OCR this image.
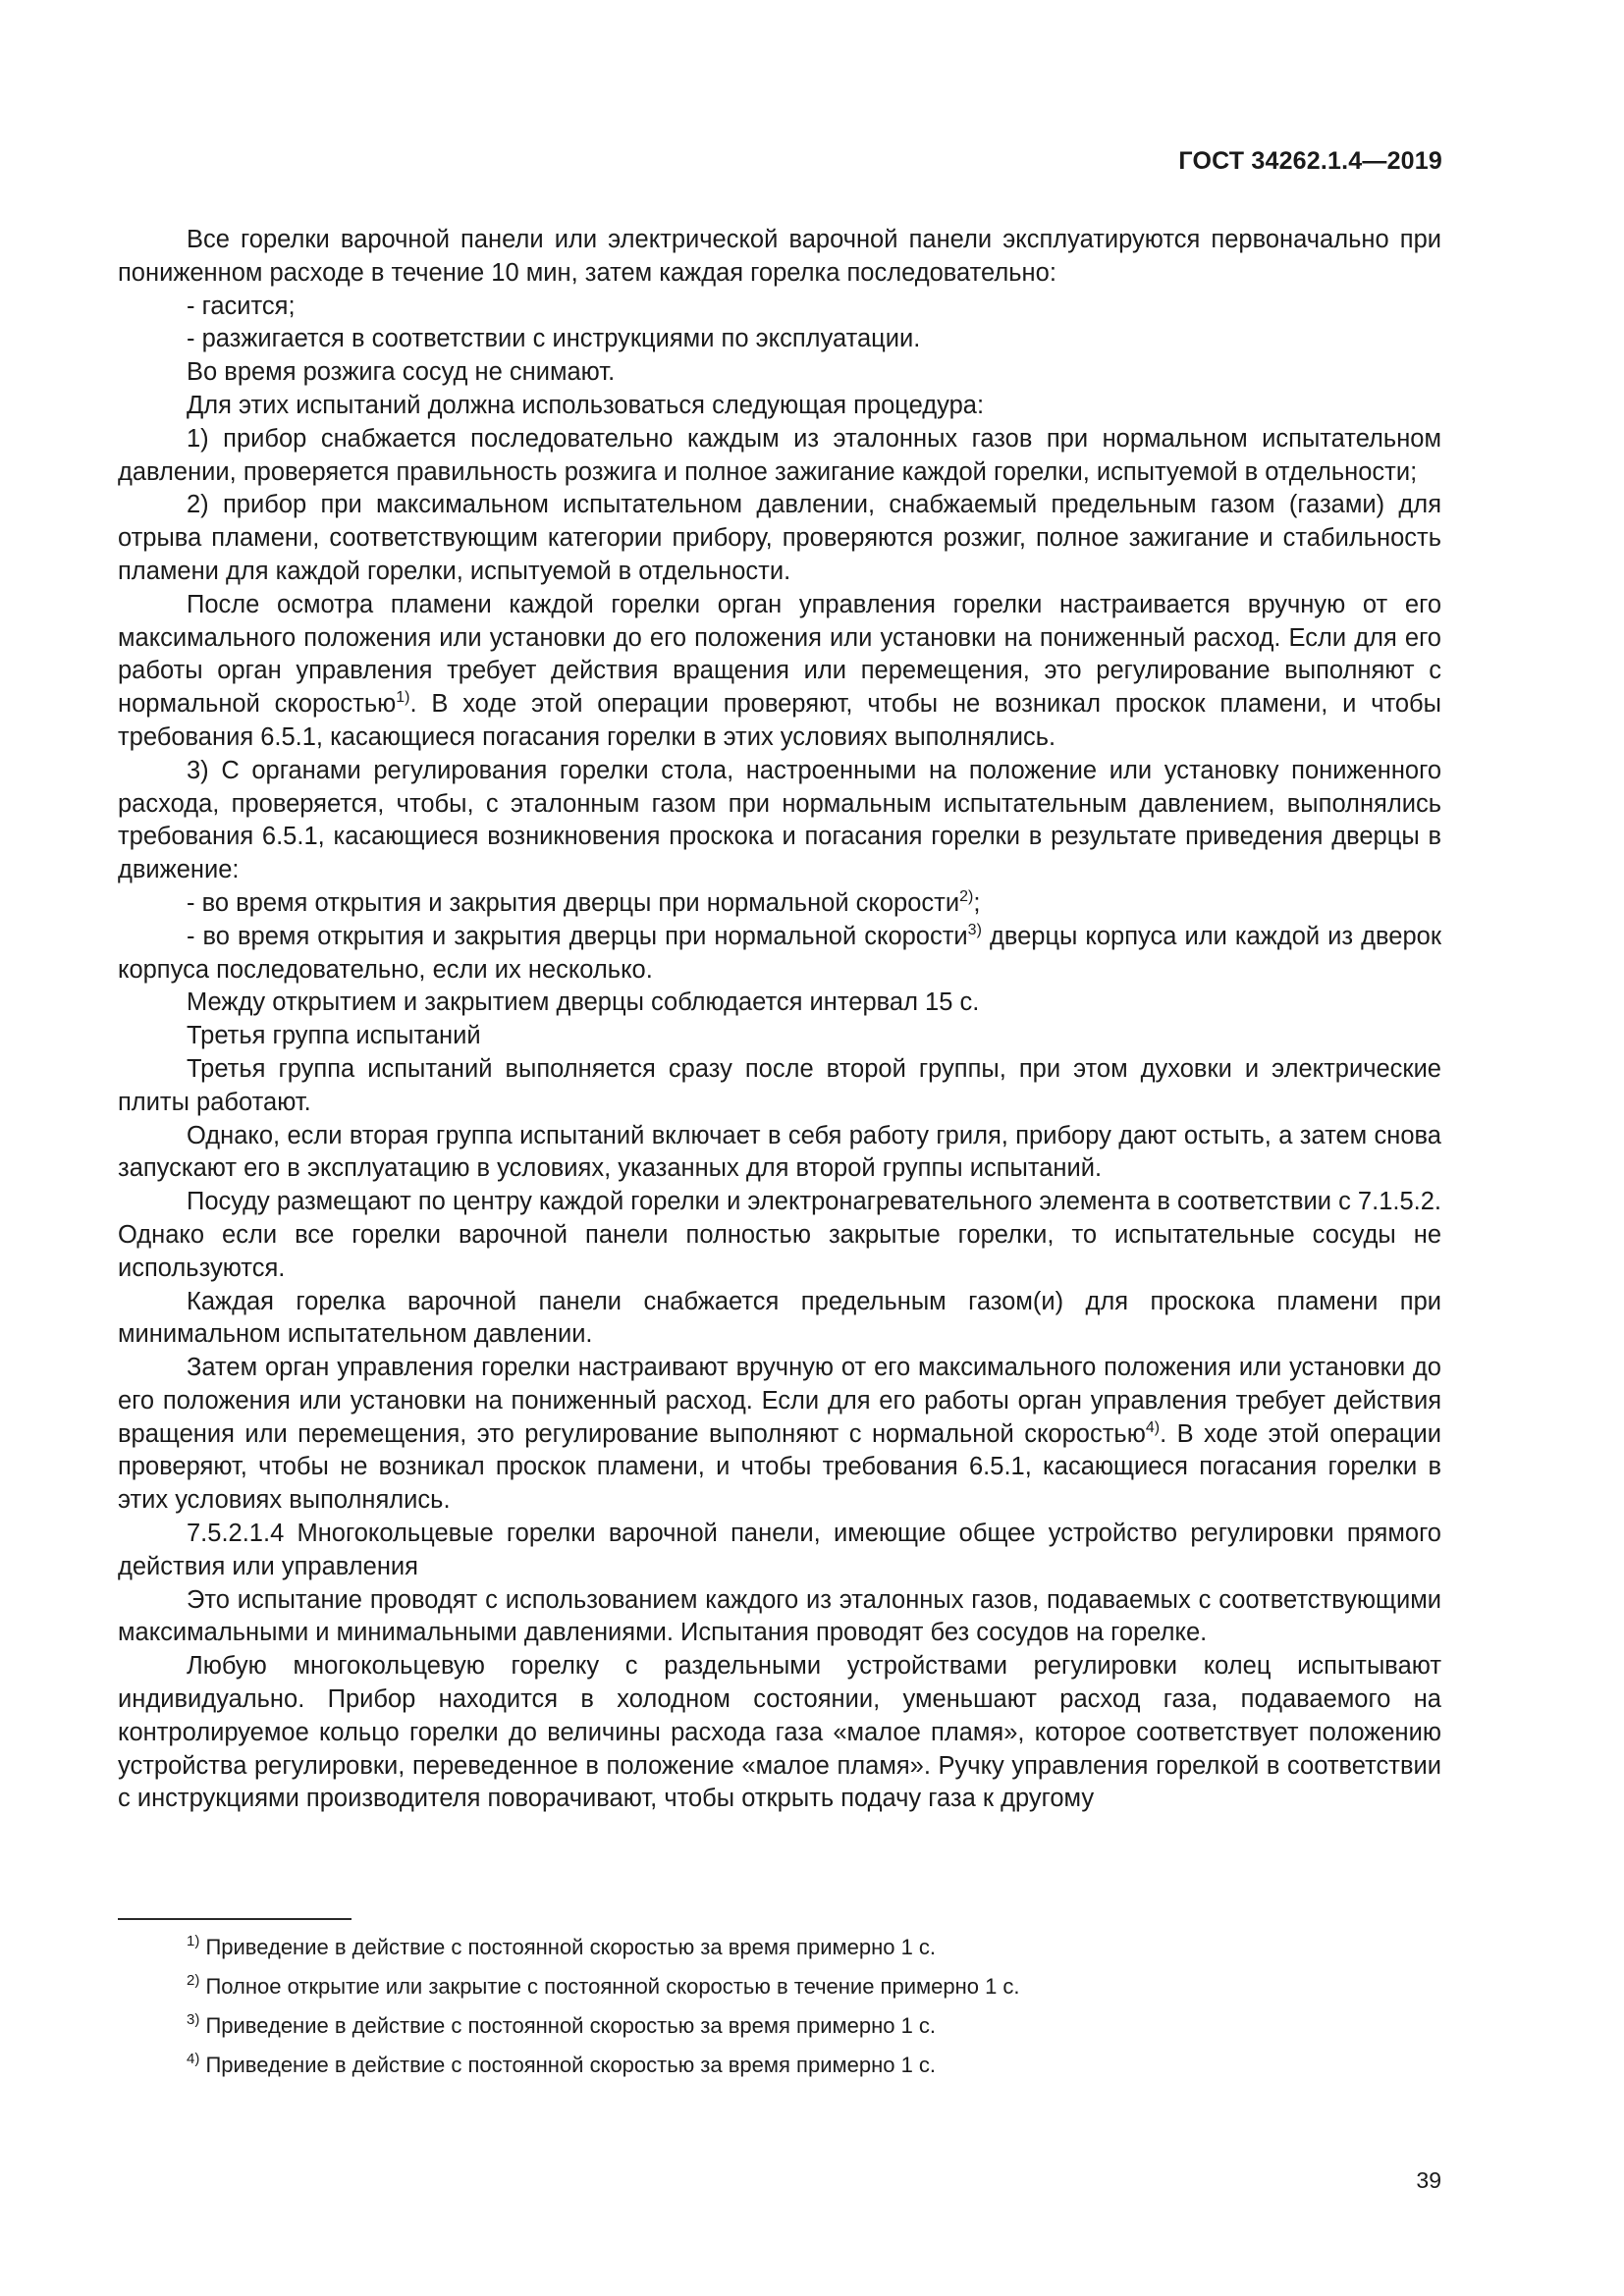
ГОСТ 34262.1.4—2019

Все горелки варочной панели или электрической варочной панели эксплуатируются первоначально при пониженном расходе в течение 10 мин, затем каждая горелка последовательно:

- гасится;

- разжигается в соответствии с инструкциями по эксплуатации.

Во время розжига сосуд не снимают.

Для этих испытаний должна использоваться следующая процедура:

1) прибор снабжается последовательно каждым из эталонных газов при нормальном испытательном давлении, проверяется правильность розжига и полное зажигание каждой горелки, испытуемой в отдельности;

2) прибор при максимальном испытательном давлении, снабжаемый предельным газом (газами) для отрыва пламени, соответствующим категории прибору, проверяются розжиг, полное зажигание и стабильность пламени для каждой горелки, испытуемой в отдельности.

После осмотра пламени каждой горелки орган управления горелки настраивается вручную от его максимального положения или установки до его положения или установки на пониженный расход. Если для его работы орган управления требует действия вращения или перемещения, это регулирование выполняют с нормальной скоростью$^{1)}$. В ходе этой операции проверяют, чтобы не возникал проскок пламени, и чтобы требования 6.5.1, касающиеся погасания горелки в этих условиях выполнялись.

3) С органами регулирования горелки стола, настроенными на положение или установку пониженного расхода, проверяется, чтобы, с эталонным газом при нормальным испытательным давлением, выполнялись требования 6.5.1, касающиеся возникновения проскока и погасания горелки в результате приведения дверцы в движение:

- во время открытия и закрытия дверцы при нормальной скорости$^{2)}$;

- во время открытия и закрытия дверцы при нормальной скорости$^{3)}$ дверцы корпуса или каждой из дверок корпуса последовательно, если их несколько.

Между открытием и закрытием дверцы соблюдается интервал 15 с.

Третья группа испытаний

Третья группа испытаний выполняется сразу после второй группы, при этом духовки и электрические плиты работают.

Однако, если вторая группа испытаний включает в себя работу гриля, прибору дают остыть, а затем снова запускают его в эксплуатацию в условиях, указанных для второй группы испытаний.

Посуду размещают по центру каждой горелки и электронагревательного элемента в соответствии с 7.1.5.2. Однако если все горелки варочной панели полностью закрытые горелки, то испытательные сосуды не используются.

Каждая горелка варочной панели снабжается предельным газом(и) для проскока пламени при минимальном испытательном давлении.

Затем орган управления горелки настраивают вручную от его максимального положения или установки до его положения или установки на пониженный расход. Если для его работы орган управления требует действия вращения или перемещения, это регулирование выполняют с нормальной скоростью$^{4)}$. В ходе этой операции проверяют, чтобы не возникал проскок пламени, и чтобы требования 6.5.1, касающиеся погасания горелки в этих условиях выполнялись.

7.5.2.1.4 Многокольцевые горелки варочной панели, имеющие общее устройство регулировки прямого действия или управления

Это испытание проводят с использованием каждого из эталонных газов, подаваемых с соответствующими максимальными и минимальными давлениями. Испытания проводят без сосудов на горелке.

Любую многокольцевую горелку с раздельными устройствами регулировки колец испытывают индивидуально. Прибор находится в холодном состоянии, уменьшают расход газа, подаваемого на контролируемое кольцо горелки до величины расхода газа «малое пламя», которое соответствует положению устройства регулировки, переведенное в положение «малое пламя». Ручку управления горелкой в соответствии с инструкциями производителя поворачивают, чтобы открыть подачу газа к другому

$^{1)}$ Приведение в действие с постоянной скоростью за время примерно 1 с.

$^{2)}$ Полное открытие или закрытие с постоянной скоростью в течение примерно 1 с.

$^{3)}$ Приведение в действие с постоянной скоростью за время примерно 1 с.

$^{4)}$ Приведение в действие с постоянной скоростью за время примерно 1 с.

39
